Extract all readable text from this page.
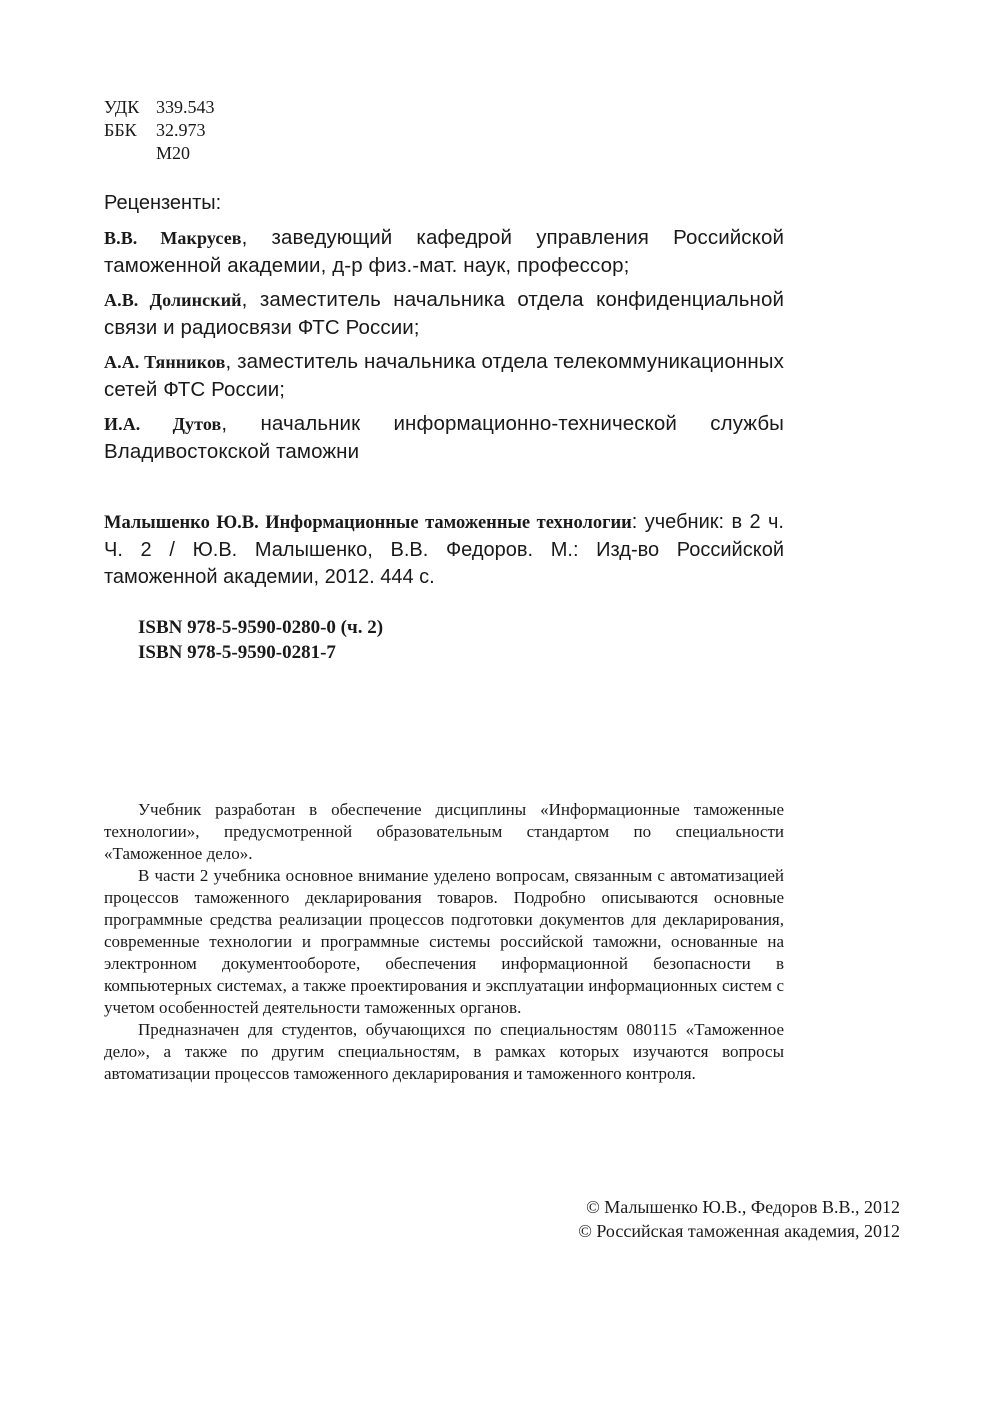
УДК 339.543
ББК	32.973
М20
Рецензенты:
В.В. Макрусев, заведующий кафедрой управления Российской таможенной академии, д-р физ.-мат. наук, профессор;
А.В. Долинский, заместитель начальника отдела конфиденциальной связи и радиосвязи ФТС России;
А.А. Тянников, заместитель начальника отдела телекоммуникационных сетей ФТС России;
И.А. Дутов, начальник информационно-технической службы Владивостокской таможни
Малышенко Ю.В. Информационные таможенные технологии: учебник: в 2 ч. Ч. 2 / Ю.В. Малышенко, В.В. Федоров. М.: Изд-во Российской таможенной академии, 2012. 444 с.
ISBN 978-5-9590-0280-0 (ч. 2)
ISBN 978-5-9590-0281-7

Учебник разработан в обеспечение дисциплины «Информационные таможенные технологии», предусмотренной образовательным стандартом по специальности «Таможенное дело».

В части 2 учебника основное внимание уделено вопросам, связанным с автоматизацией процессов таможенного декларирования товаров. Подробно описываются основные программные средства реализации процессов подготовки документов для декларирования, современные технологии и программные системы российской таможни, основанные на электронном документообороте, обеспечения информационной безопасности в компьютерных системах, а также проектирования и эксплуатации информационных систем с учетом особенностей деятельности таможенных органов.

Предназначен для студентов, обучающихся по специальностям 080115 «Таможенное дело», а также по другим специальностям, в рамках которых изучаются вопросы автоматизации процессов таможенного декларирования и таможенного контроля.

© Малышенко Ю.В., Федоров В.В., 2012
© Российская таможенная академия, 2012
